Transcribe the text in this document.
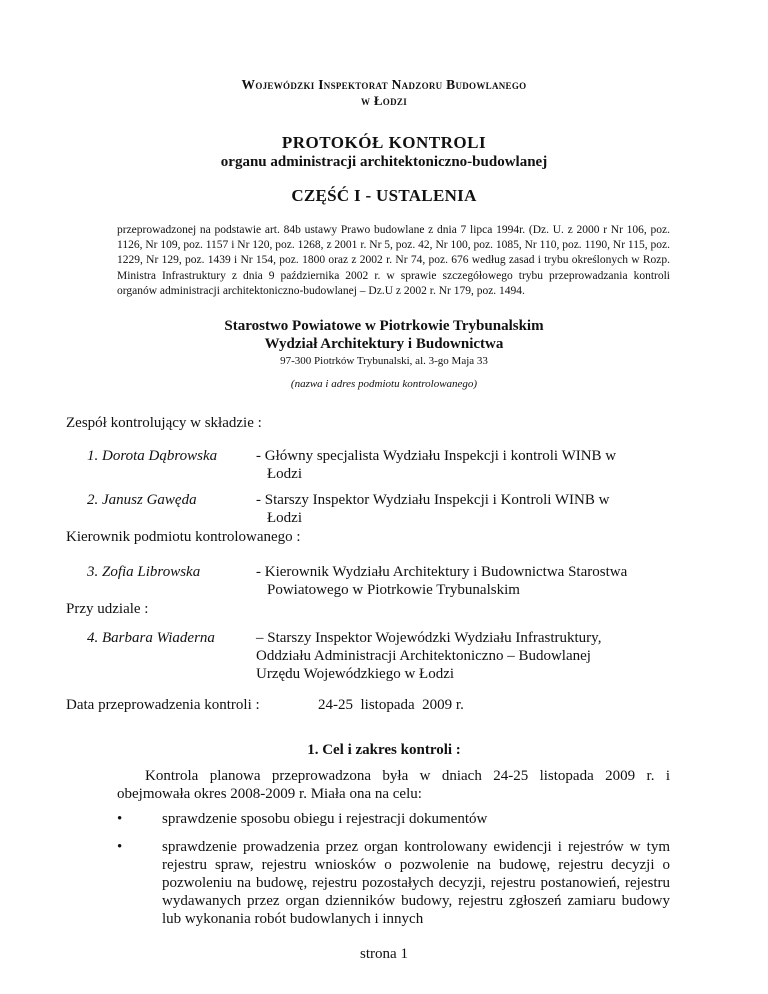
Wojewódzki Inspektorat Nadzoru Budowlanego
w Łodzi
PROTOKÓŁ KONTROLI
organu administracji architektoniczno-budowlanej
CZĘŚĆ I - USTALENIA
przeprowadzonej na podstawie art. 84b ustawy Prawo budowlane z dnia 7 lipca 1994r. (Dz. U. z 2000 r Nr 106, poz. 1126, Nr 109, poz. 1157 i Nr 120, poz. 1268, z 2001 r. Nr 5, poz. 42, Nr 100, poz. 1085, Nr 110, poz. 1190, Nr 115, poz. 1229, Nr 129, poz. 1439 i Nr 154, poz. 1800 oraz z 2002 r. Nr 74, poz. 676 według zasad i trybu określonych w Rozp. Ministra Infrastruktury z dnia 9 października 2002 r. w sprawie szczegółowego trybu przeprowadzania kontroli organów administracji architektoniczno-budowlanej – Dz.U z 2002 r. Nr 179, poz. 1494.
Starostwo Powiatowe w Piotrkowie Trybunalskim
Wydział Architektury i Budownictwa
97-300 Piotrków Trybunalski, al. 3-go Maja 33
(nazwa i adres podmiotu kontrolowanego)
Zespół kontrolujący w składzie :
1. Dorota Dąbrowska	- Główny specjalista Wydziału Inspekcji i kontroli WINB w
Łodzi
2. Janusz Gawęda	- Starszy Inspektor Wydziału Inspekcji i Kontroli WINB w
Łodzi
Kierownik podmiotu kontrolowanego :
3. Zofia Librowska	- Kierownik Wydziału Architektury i Budownictwa Starostwa
Powiatowego w Piotrkowie Trybunalskim
Przy udziale :
4. Barbara Wiaderna	– Starszy Inspektor Wojewódzki Wydziału Infrastruktury,
Oddziału Administracji Architektoniczno – Budowlanej
Urzędu Wojewódzkiego w Łodzi
Data przeprowadzenia kontroli :	24-25  listopada  2009 r.
1. Cel i zakres kontroli :
Kontrola planowa przeprowadzona była w dniach 24-25 listopada 2009 r. i obejmowała okres 2008-2009 r. Miała ona na celu:
•	sprawdzenie sposobu obiegu i rejestracji dokumentów
•	sprawdzenie prowadzenia przez organ kontrolowany ewidencji i rejestrów w tym rejestru spraw, rejestru wniosków o pozwolenie na budowę, rejestru decyzji o pozwoleniu na budowę, rejestru pozostałych decyzji, rejestru postanowień, rejestru wydawanych przez organ dzienników budowy, rejestru zgłoszeń zamiaru budowy lub wykonania robót budowlanych i innych
strona 1
